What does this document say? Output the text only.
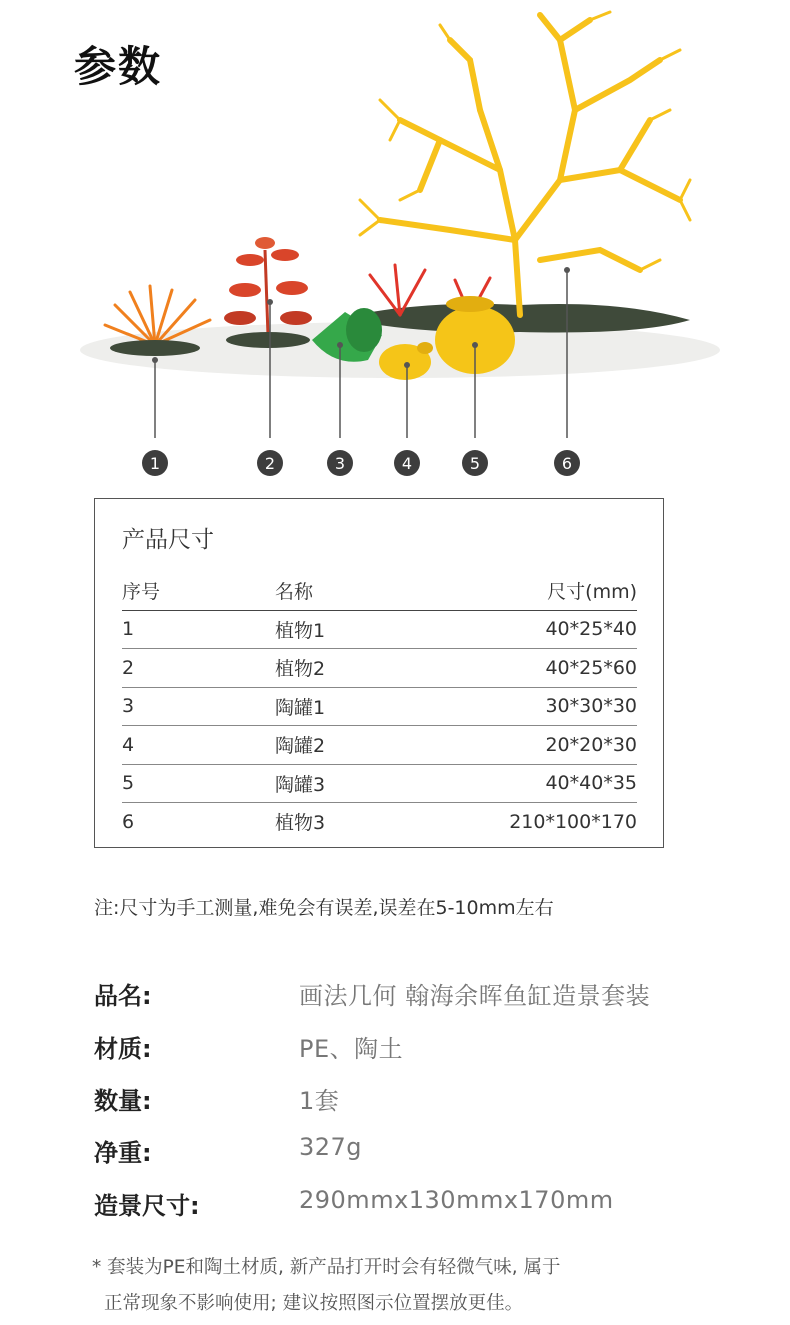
参数
1	2	3	4	5	6
产品尺寸
序号	名称	尺寸(mm)
1	植物1	40*25*40
2	植物2	40*25*60
3	陶罐1	30*30*30
4	陶罐2	20*20*30
5	陶罐3	40*40*35
6	植物3	210*100*170
注:尺寸为手工测量,难免会有误差,误差在5-10mm左右
品名:	画法几何 翰海余晖鱼缸造景套装
材质:	PE、陶土
数量:	1套
净重:	327g
造景尺寸:	290mmx130mmx170mm
* 套装为PE和陶土材质, 新产品打开时会有轻微气味, 属于
正常现象不影响使用; 建议按照图示位置摆放更佳。
